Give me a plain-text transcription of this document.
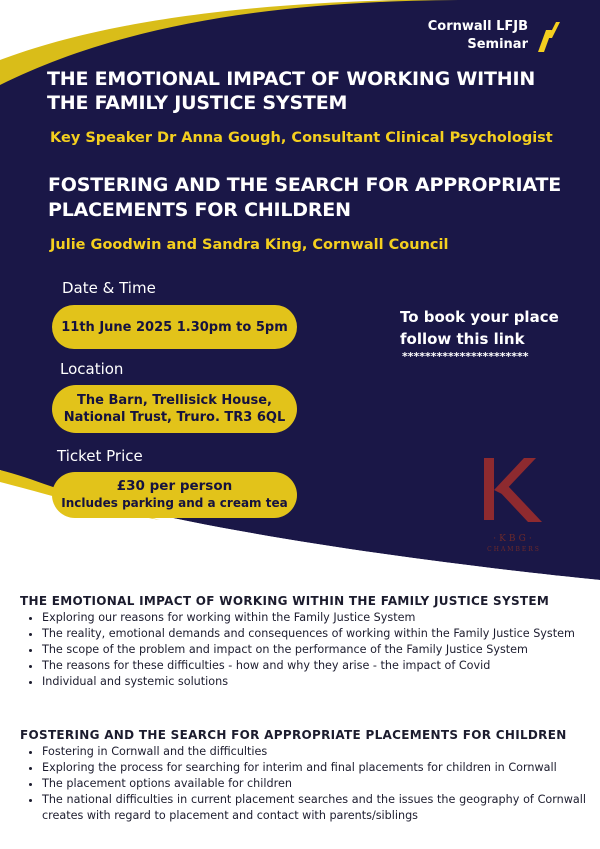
Cornwall LFJB
Seminar
THE EMOTIONAL IMPACT OF WORKING WITHIN THE FAMILY JUSTICE SYSTEM
Key Speaker Dr Anna Gough, Consultant Clinical Psychologist
FOSTERING AND THE SEARCH FOR APPROPRIATE PLACEMENTS FOR CHILDREN
Julie Goodwin and Sandra King, Cornwall Council
Date & Time
11th June 2025 1.30pm to 5pm
Location
The Barn, Trellisick House,
National Trust, Truro. TR3 6QL
Ticket Price
£30 per person
Includes parking and a cream tea
To book your place
follow this link
**********************
·KBG·
CHAMBERS
THE EMOTIONAL IMPACT OF WORKING WITHIN THE FAMILY JUSTICE SYSTEM
• Exploring our reasons for working within the Family Justice System
• The reality, emotional demands and consequences of working within the Family Justice System
• The scope of the problem and impact on the performance of the Family Justice System
• The reasons for these difficulties - how and why they arise - the impact of Covid
• Individual and systemic solutions
FOSTERING AND THE SEARCH FOR APPROPRIATE PLACEMENTS FOR CHILDREN
• Fostering in Cornwall and the difficulties
• Exploring the process for searching for interim and final placements for children in Cornwall
• The placement options available for children
• The national difficulties in current placement searches and the issues the geography of Cornwall creates with regard to placement and contact with parents/siblings
